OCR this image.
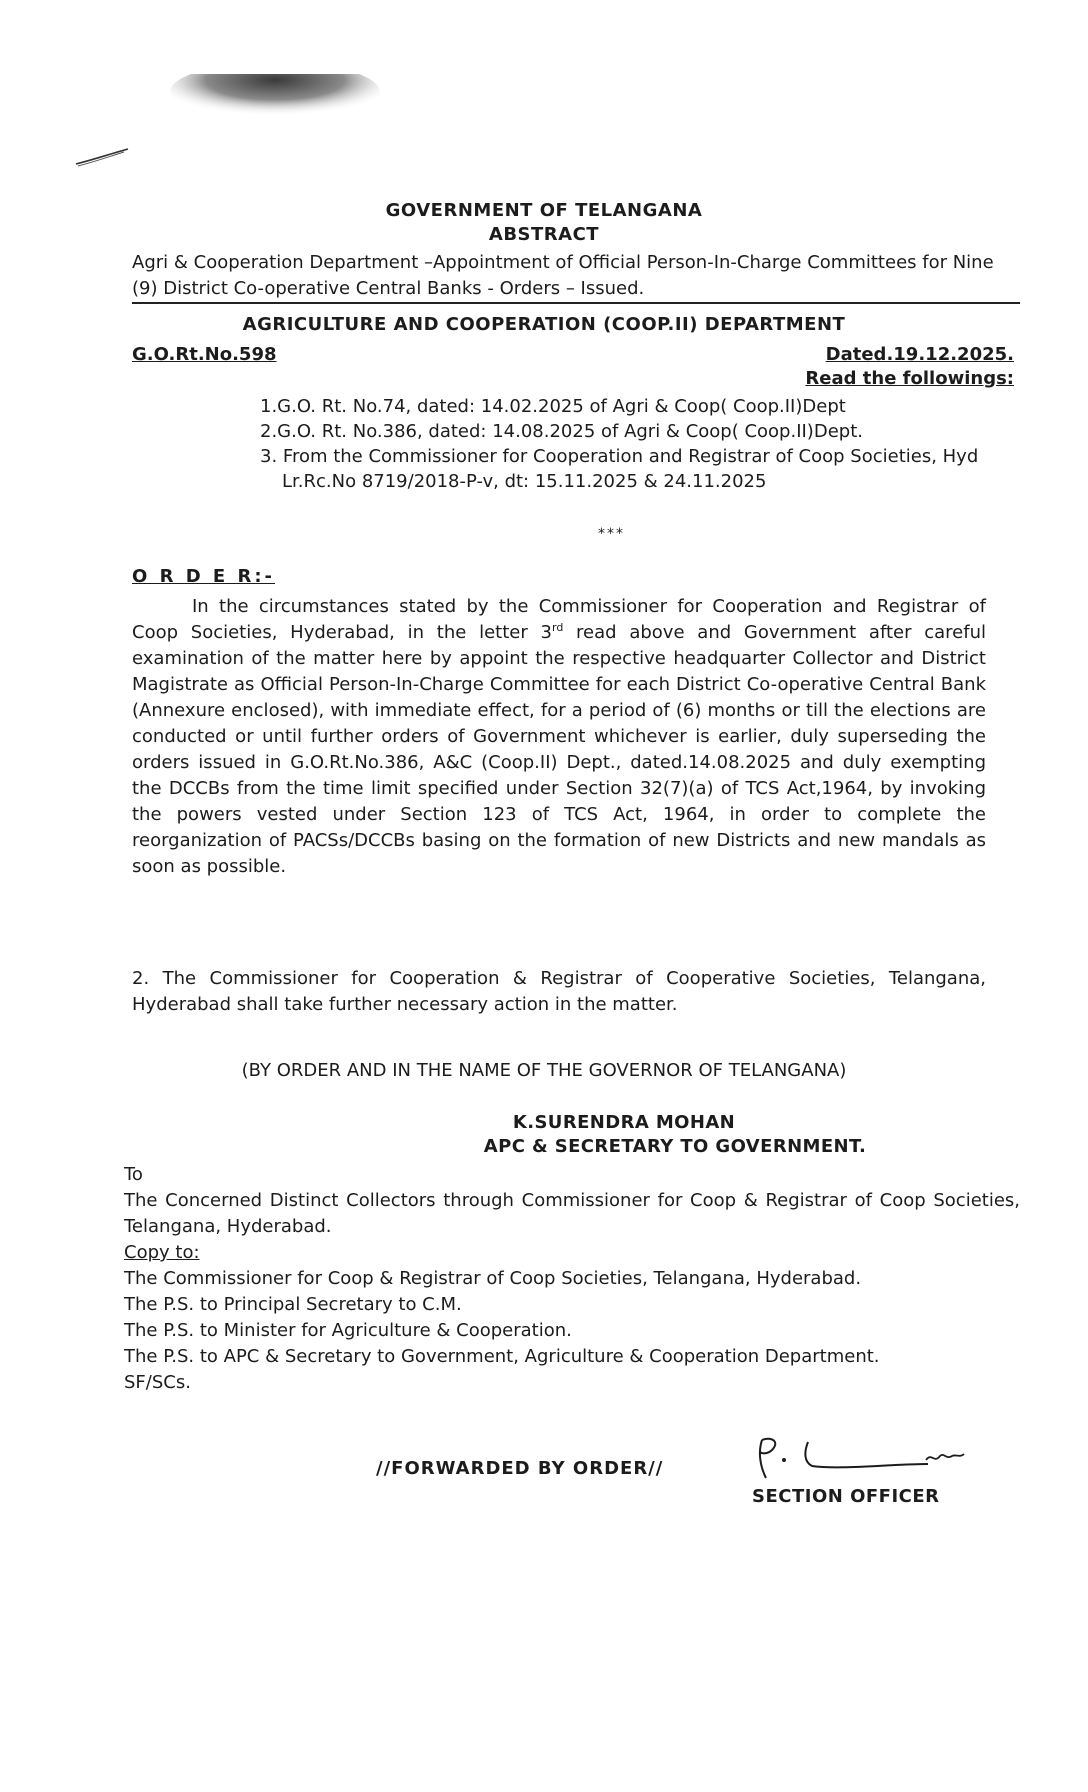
GOVERNMENT OF TELANGANA
ABSTRACT
Agri & Cooperation Department –Appointment of Official Person-In-Charge Committees for Nine (9) District Co-operative Central Banks - Orders – Issued.
AGRICULTURE AND COOPERATION (COOP.II) DEPARTMENT
G.O.Rt.No.598	Dated.19.12.2025.
Read the followings:

1.G.O. Rt. No.74, dated: 14.02.2025 of Agri & Coop( Coop.II)Dept

2.G.O. Rt. No.386, dated: 14.08.2025 of Agri & Coop( Coop.II)Dept.

3. From the Commissioner for Cooperation and Registrar of Coop Societies, Hyd Lr.Rc.No 8719/2018-P-v, dt: 15.11.2025 & 24.11.2025

***
O R D E R:-

In the circumstances stated by the Commissioner for Cooperation and Registrar of Coop Societies, Hyderabad, in the letter 3rd read above and Government after careful examination of the matter here by appoint the respective headquarter Collector and District Magistrate as Official Person-In-Charge Committee for each District Co-operative Central Bank (Annexure enclosed), with immediate effect, for a period of (6) months or till the elections are conducted or until further orders of Government whichever is earlier, duly superseding the orders issued in G.O.Rt.No.386, A&C (Coop.II) Dept., dated.14.08.2025 and duly exempting the DCCBs from the time limit specified under Section 32(7)(a) of TCS Act,1964, by invoking the powers vested under Section 123 of TCS Act, 1964, in order to complete the reorganization of PACSs/DCCBs basing on the formation of new Districts and new mandals as soon as possible.

2. The Commissioner for Cooperation & Registrar of Cooperative Societies, Telangana, Hyderabad shall take further necessary action in the matter.

(BY ORDER AND IN THE NAME OF THE GOVERNOR OF TELANGANA)
K.SURENDRA MOHAN
APC & SECRETARY TO GOVERNMENT.

To

The Concerned Distinct Collectors through Commissioner for Coop & Registrar of Coop Societies, Telangana, Hyderabad.

Copy to:

The Commissioner for Coop & Registrar of Coop Societies, Telangana, Hyderabad.

The P.S. to Principal Secretary to C.M.

The P.S. to Minister for Agriculture & Cooperation.

The P.S. to APC & Secretary to Government, Agriculture & Cooperation Department.

SF/SCs.

//FORWARDED BY ORDER//
SECTION OFFICER
